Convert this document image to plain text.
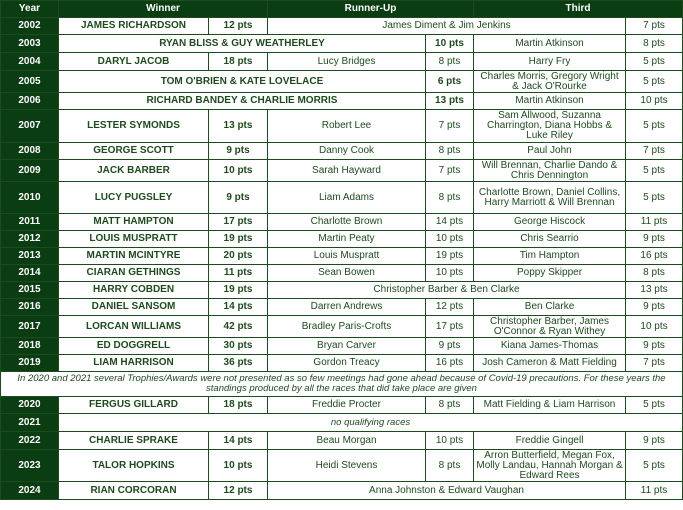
Year	Winner		Runner-Up		Third	
2002	JAMES RICHARDSON	12 pts	James Diment & Jim Jenkins			7 pts
2003	RYAN BLISS & GUY WEATHERLEY			10 pts	Martin Atkinson	8 pts
2004	DARYL JACOB	18 pts	Lucy Bridges	8 pts	Harry Fry	5 pts
2005	TOM O'BRIEN & KATE LOVELACE			6 pts	Charles Morris, Gregory Wright & Jack O'Rourke	5 pts
2006	RICHARD BANDEY & CHARLIE MORRIS			13 pts	Martin Atkinson	10 pts
2007	LESTER SYMONDS	13 pts	Robert Lee	7 pts	Sam Allwood, Suzanna Charrington, Diana Hobbs & Luke Riley	5 pts
2008	GEORGE SCOTT	9 pts	Danny Cook	8 pts	Paul John	7 pts
2009	JACK BARBER	10 pts	Sarah Hayward	7 pts	Will Brennan, Charlie Dando & Chris Dennington	5 pts
2010	LUCY PUGSLEY	9 pts	Liam Adams	8 pts	Charlotte Brown, Daniel Collins, Harry Marriott & Will Brennan	5 pts
2011	MATT HAMPTON	17 pts	Charlotte Brown	14 pts	George Hiscock	11 pts
2012	LOUIS MUSPRATT	19 pts	Martin Peaty	10 pts	Chris Searrio	9 pts
2013	MARTIN MCINTYRE	20 pts	Louis Muspratt	19 pts	Tim Hampton	16 pts
2014	CIARAN GETHINGS	11 pts	Sean Bowen	10 pts	Poppy Skipper	8 pts
2015	HARRY COBDEN	19 pts	Christopher Barber & Ben Clarke			13 pts
2016	DANIEL SANSOM	14 pts	Darren Andrews	12 pts	Ben Clarke	9 pts
2017	LORCAN WILLIAMS	42 pts	Bradley Paris-Crofts	17 pts	Christopher Barber, James O'Connor & Ryan Withey	10 pts
2018	ED DOGGRELL	30 pts	Bryan Carver	9 pts	Kiana James-Thomas	9 pts
2019	LIAM HARRISON	36 pts	Gordon Treacy	16 pts	Josh Cameron & Matt Fielding	7 pts
In 2020 and 2021 several Trophies/Awards were not presented as so few meetings had gone ahead because of Covid-19 precautions. For these years the standings produced by all the races that did take place are given						
2020	FERGUS GILLARD	18 pts	Freddie Procter	8 pts	Matt Fielding & Liam Harrison	5 pts
2021	no qualifying races					
2022	CHARLIE SPRAKE	14 pts	Beau Morgan	10 pts	Freddie Gingell	9 pts
2023	TALOR HOPKINS	10 pts	Heidi Stevens	8 pts	Arron Butterfield, Megan Fox, Molly Landau, Hannah Morgan & Edward Rees	5 pts
2024	RIAN CORCORAN	12 pts	Anna Johnston & Edward Vaughan			11 pts
